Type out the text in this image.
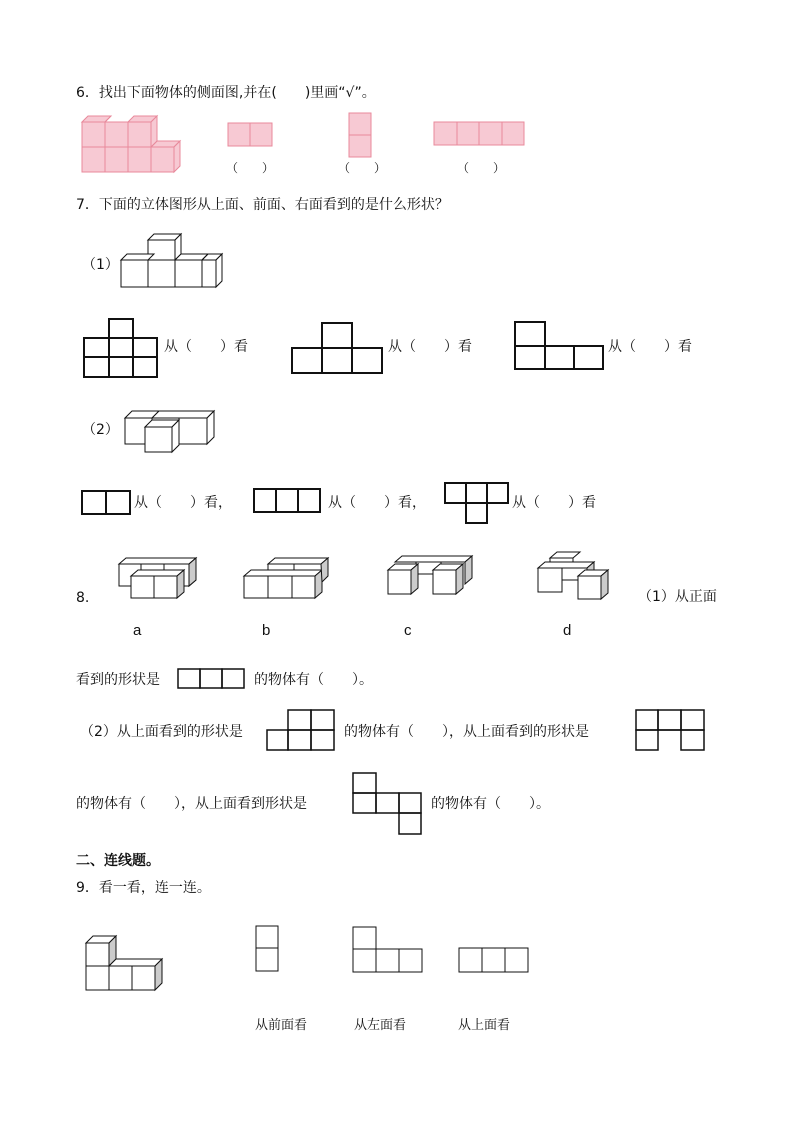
6．找出下面物体的侧面图,并在(　　)里画“√”。
（　　）	（　　）	（　　）
7．下面的立体图形从上面、前面、右面看到的是什么形状？
（1）
从（　　）看	从（　　）看	从（　　）看
（2）
从（　　）看，	从（　　）看，	从（　　）看
8.	（1）从正面
a	b	c	d
看到的形状是	的物体有（　　）。
（2）从上面看到的形状是	的物体有（　　），从上面看到的形状是
的物体有（　　），从上面看到形状是	的物体有（　　）。
二、连线题。
9．看一看，连一连。
从前面看	从左面看	从上面看
